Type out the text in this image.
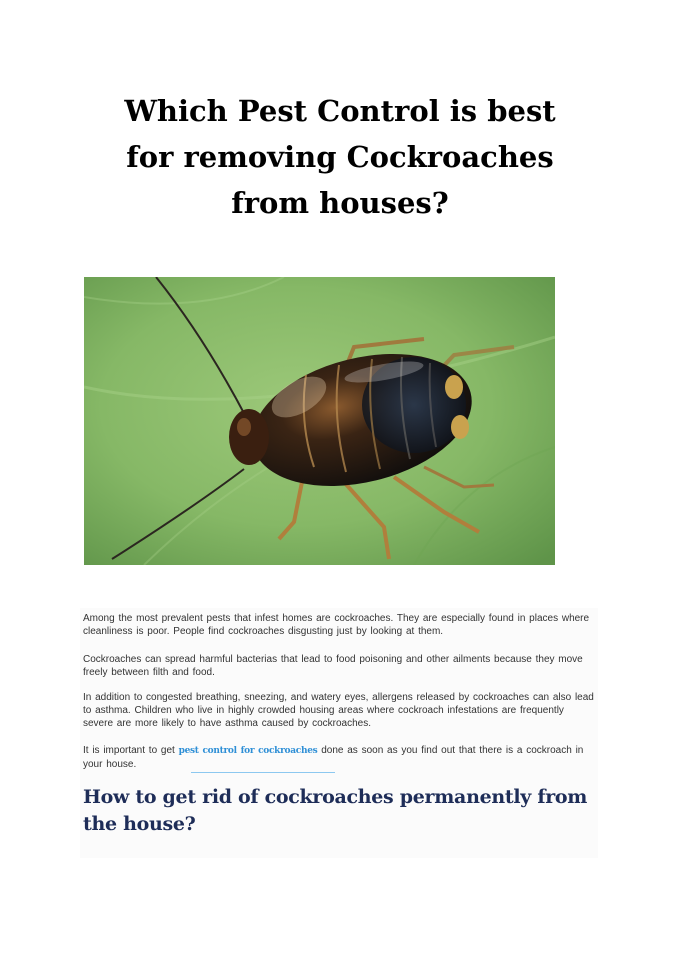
Which Pest Control is best
for removing Cockroaches
from houses?

Among the most prevalent pests that infest homes are cockroaches. They are especially found in places where cleanliness is poor. People find cockroaches disgusting just by looking at them.

Cockroaches can spread harmful bacterias that lead to food poisoning and other ailments because they move freely between filth and food.

In addition to congested breathing, sneezing, and watery eyes, allergens released by cockroaches can also lead to asthma. Children who live in highly crowded housing areas where cockroach infestations are frequently severe are more likely to have asthma caused by cockroaches.

It is important to get pest control for cockroaches done as soon as you find out that there is a cockroach in your house.

How to get rid of cockroaches permanently from the house?
